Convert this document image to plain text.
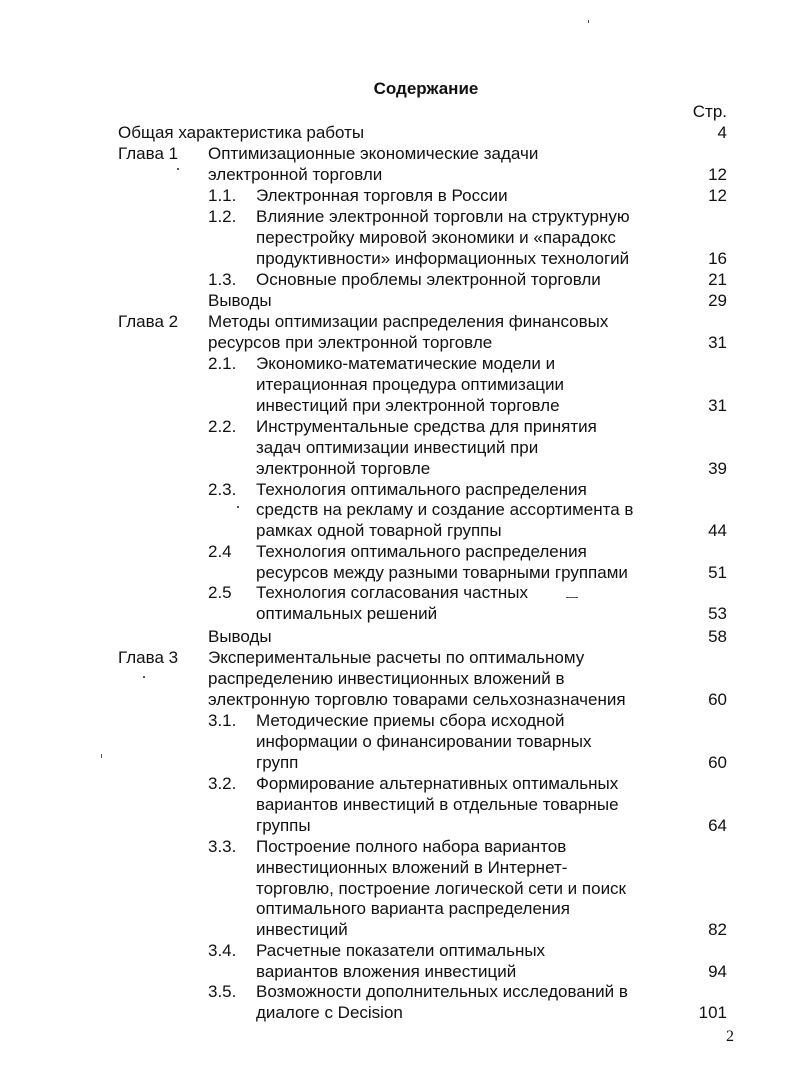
Содержание
Стр.
Общая характеристика работы	4
Глава 1 Оптимизационные экономические задачи
электронной торговли	12
1.1. Электронная торговля в России	12
1.2. Влияние электронной торговли на структурную
перестройку мировой экономики и «парадокс
продуктивности» информационных технологий	16
1.3. Основные проблемы электронной торговли	21
Выводы	29
Глава 2 Методы оптимизации распределения финансовых
ресурсов при электронной торговле	31
2.1. Экономико-математические модели и
итерационная процедура оптимизации
инвестиций при электронной торговле	31
2.2. Инструментальные средства для принятия
задач оптимизации инвестиций при
электронной торговле	39
2.3. Технология оптимального распределения
средств на рекламу и создание ассортимента в
рамках одной товарной группы	44
2.4 Технология оптимального распределения
ресурсов между разными товарными группами	51
2.5 Технология согласования частных
оптимальных решений	53
Выводы	58
Глава 3 Экспериментальные расчеты по оптимальному
распределению инвестиционных вложений в
электронную торговлю товарами сельхозназначения	60
3.1. Методические приемы сбора исходной
информации о финансировании товарных
групп	60
3.2. Формирование альтернативных оптимальных
вариантов инвестиций в отдельные товарные
группы	64
3.3. Построение полного набора вариантов
инвестиционных вложений в Интернет-
торговлю, построение логической сети и поиск
оптимального варианта распределения
инвестиций	82
3.4. Расчетные показатели оптимальных
вариантов вложения инвестиций	94
3.5. Возможности дополнительных исследований в
диалоге с Decision	101
2
